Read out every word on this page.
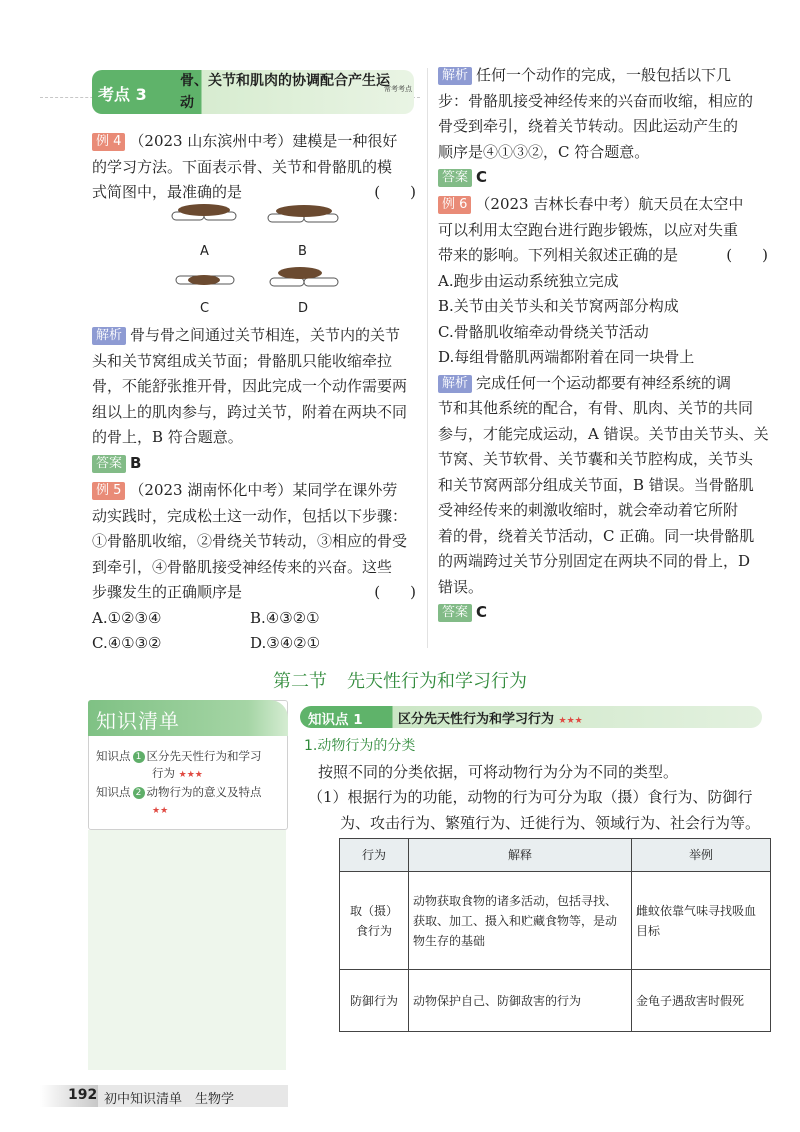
考点 3
骨、关节和肌肉的协调配合产生运动
常考考点
例 4 （2023 山东滨州中考）建模是一种很好
的学习方法。下面表示骨、关节和骨骼肌的模
式简图中，最准确的是	(　　)
A	B
C	D
解析 骨与骨之间通过关节相连，关节内的关节
头和关节窝组成关节面；骨骼肌只能收缩牵拉
骨，不能舒张推开骨，因此完成一个动作需要两
组以上的肌肉参与，跨过关节，附着在两块不同
的骨上，B 符合题意。
答案 B
例 5 （2023 湖南怀化中考）某同学在课外劳
动实践时，完成松土这一动作，包括以下步骤：
①骨骼肌收缩，②骨绕关节转动，③相应的骨受
到牵引，④骨骼肌接受神经传来的兴奋。这些
步骤发生的正确顺序是	(　　)
A.①②③④	B.④③②①
C.④①③②	D.③④②①
解析 任何一个动作的完成，一般包括以下几
步：骨骼肌接受神经传来的兴奋而收缩，相应的
骨受到牵引，绕着关节转动。因此运动产生的
顺序是④①③②，C 符合题意。
答案 C
例 6 （2023 吉林长春中考）航天员在太空中
可以利用太空跑台进行跑步锻炼，以应对失重
带来的影响。下列相关叙述正确的是	(　　)
A.跑步由运动系统独立完成
B.关节由关节头和关节窝两部分构成
C.骨骼肌收缩牵动骨绕关节活动
D.每组骨骼肌两端都附着在同一块骨上
解析 完成任何一个运动都要有神经系统的调
节和其他系统的配合，有骨、肌肉、关节的共同
参与，才能完成运动，A 错误。关节由关节头、关
节窝、关节软骨、关节囊和关节腔构成，关节头
和关节窝两部分组成关节面，B 错误。当骨骼肌
受神经传来的刺激收缩时，就会牵动着它所附
着的骨，绕着关节活动，C 正确。同一块骨骼肌
的两端跨过关节分别固定在两块不同的骨上，D
错误。
答案 C
第二节 先天性行为和学习行为
知识清单
知识点 1 区分先天性行为和学习
行为 ★★★
知识点 2 动物行为的意义及特点
★★
知识点 1	区分先天性行为和学习行为 ★★★
1.动物行为的分类
按照不同的分类依据，可将动物行为分为不同的类型。
（1）根据行为的功能，动物的行为可分为取（摄）食行为、防御行
为、攻击行为、繁殖行为、迁徙行为、领域行为、社会行为等。
行为	解释	举例

取（摄）
食行为	动物获取食物的诸多活动，包括寻找、获取、加工、摄入和贮藏食物等，是动物生存的基础	雌蚊依靠气味寻找吸血目标
防御行为	动物保护自己、防御敌害的行为	金龟子遇敌害时假死
192 初中知识清单　生物学
